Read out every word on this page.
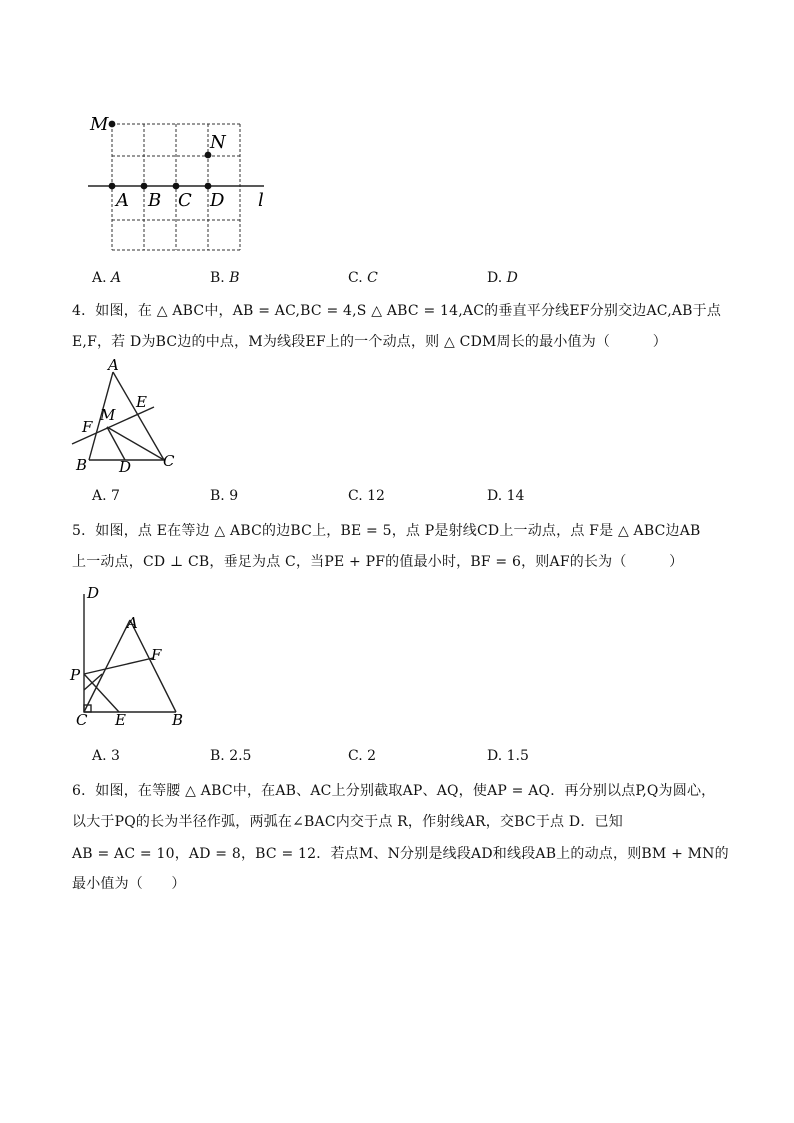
M
N
A B C D l
A. A	B. B	C. C	D. D
4．如图，在 △ ABC中，AB = AC,BC = 4,S △ ABC = 14,AC的垂直平分线EF分别交边AC,AB于点
E,F，若 D为BC边的中点，M为线段EF上的一个动点，则 △ CDM周长的最小值为（　　　）
A
E
M
F
B D C
A. 7	B. 9	C. 12	D. 14
5．如图，点 E在等边 △ ABC的边BC上，BE = 5，点 P是射线CD上一动点，点 F是 △ ABC边AB
上一动点，CD ⊥ CB，垂足为点 C，当PE + PF的值最小时，BF = 6，则AF的长为（　　　）
D
A
F
P
C E	B
A. 3	B. 2.5	C. 2	D. 1.5
6．如图，在等腰 △ ABC中，在AB、AC上分别截取AP、AQ，使AP = AQ．再分别以点P,Q为圆心，
以大于PQ的长为半径作弧，两弧在∠BAC内交于点 R，作射线AR，交BC于点 D．已知
AB = AC = 10，AD = 8，BC = 12．若点M、N分别是线段AD和线段AB上的动点，则BM + MN的
最小值为（　　）
